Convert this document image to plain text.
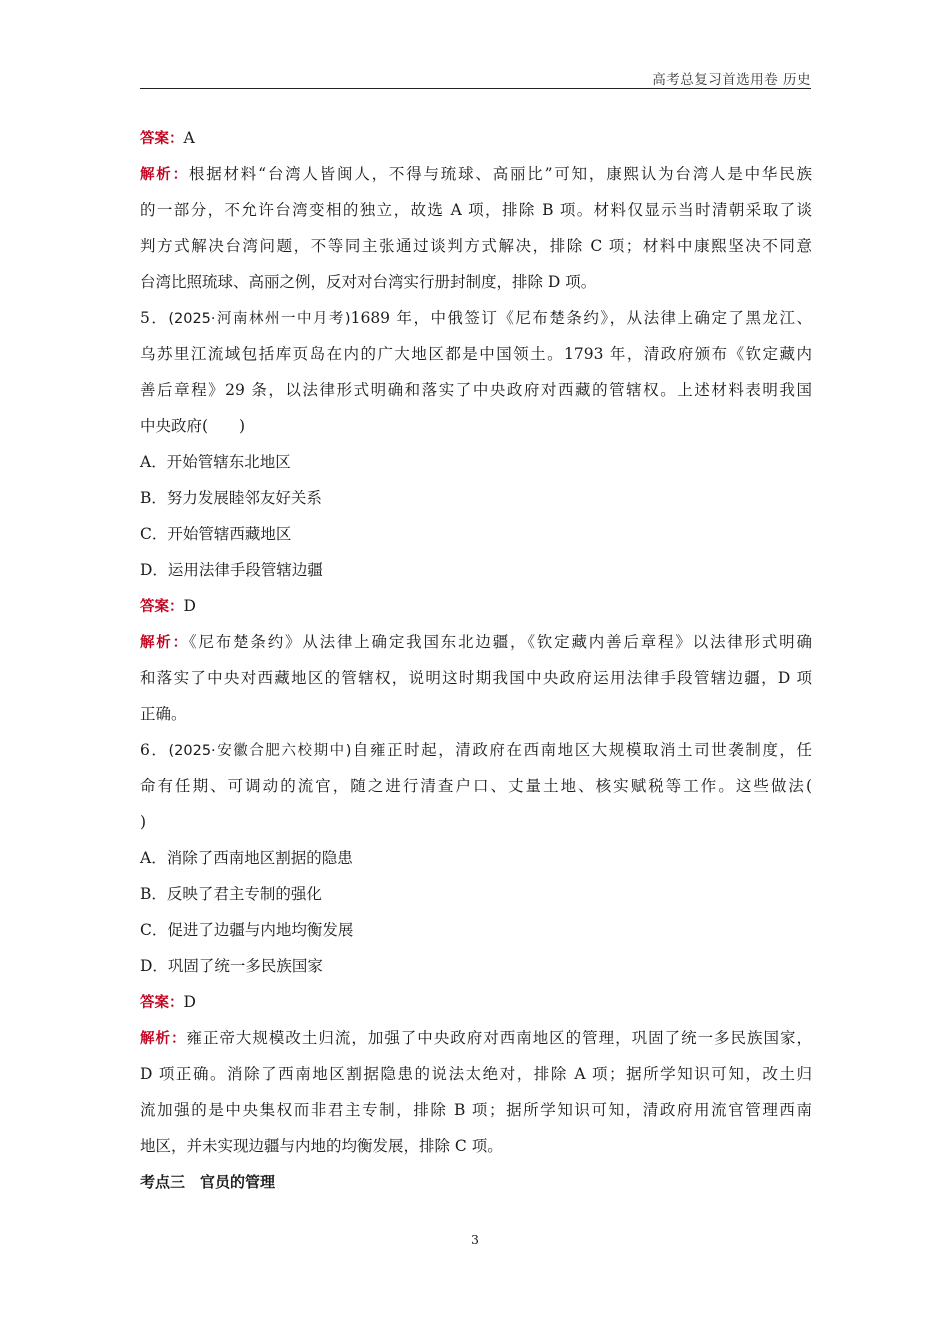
高考总复习首选用卷 历史
答案：A
解析：根据材料“台湾人皆闽人，不得与琉球、高丽比”可知，康熙认为台湾人是中华民族
的一部分，不允许台湾变相的独立，故选 A 项，排除 B 项。材料仅显示当时清朝采取了谈
判方式解决台湾问题，不等同主张通过谈判方式解决，排除 C 项；材料中康熙坚决不同意
台湾比照琉球、高丽之例，反对对台湾实行册封制度，排除 D 项。
5．(2025·河南林州一中月考)1689 年，中俄签订《尼布楚条约》，从法律上确定了黑龙江、
乌苏里江流域包括库页岛在内的广大地区都是中国领土。1793 年，清政府颁布《钦定藏内
善后章程》29 条，以法律形式明确和落实了中央政府对西藏的管辖权。上述材料表明我国
中央政府(　　)
A．开始管辖东北地区
B．努力发展睦邻友好关系
C．开始管辖西藏地区
D．运用法律手段管辖边疆
答案：D
解析：《尼布楚条约》从法律上确定我国东北边疆，《钦定藏内善后章程》以法律形式明确
和落实了中央对西藏地区的管辖权，说明这时期我国中央政府运用法律手段管辖边疆，D 项
正确。
6．(2025·安徽合肥六校期中)自雍正时起，清政府在西南地区大规模取消土司世袭制度，任
命有任期、可调动的流官，随之进行清查户口、丈量土地、核实赋税等工作。这些做法(
)
A．消除了西南地区割据的隐患
B．反映了君主专制的强化
C．促进了边疆与内地均衡发展
D．巩固了统一多民族国家
答案：D
解析：雍正帝大规模改土归流，加强了中央政府对西南地区的管理，巩固了统一多民族国家，
D 项正确。消除了西南地区割据隐患的说法太绝对，排除 A 项；据所学知识可知，改土归
流加强的是中央集权而非君主专制，排除 B 项；据所学知识可知，清政府用流官管理西南
地区，并未实现边疆与内地的均衡发展，排除 C 项。
考点三　官员的管理
3
